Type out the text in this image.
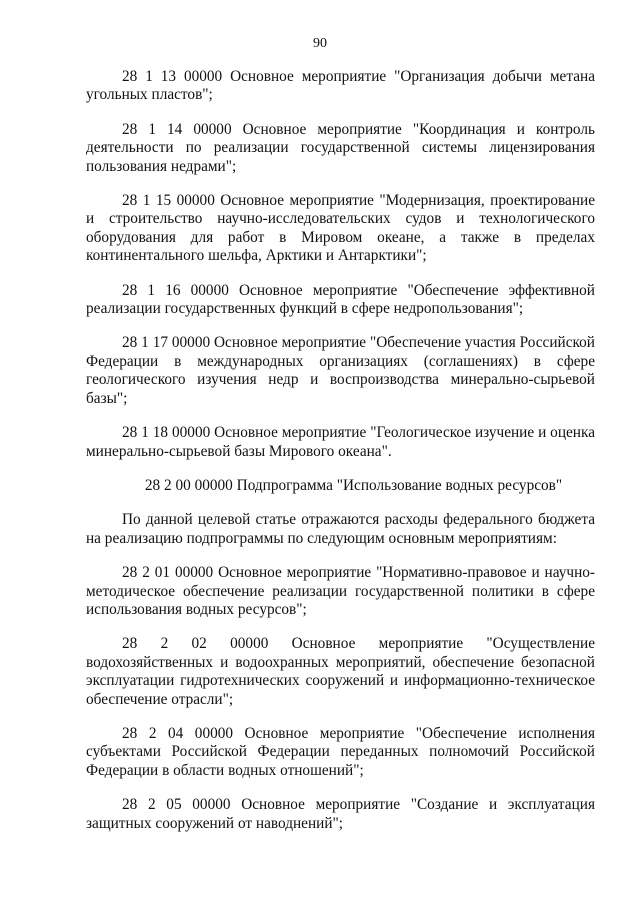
90

28 1 13 00000 Основное мероприятие "Организация добычи метана угольных пластов";

28 1 14 00000 Основное мероприятие "Координация и контроль деятельности по реализации государственной системы лицензирования пользования недрами";

28 1 15 00000 Основное мероприятие "Модернизация, проектирование и строительство научно-исследовательских судов и технологического оборудования для работ в Мировом океане, а также в пределах континентального шельфа, Арктики и Антарктики";

28 1 16 00000 Основное мероприятие "Обеспечение эффективной реализации государственных функций в сфере недропользования";

28 1 17 00000 Основное мероприятие "Обеспечение участия Российской Федерации в международных организациях (соглашениях) в сфере геологического изучения недр и воспроизводства минерально-сырьевой базы";

28 1 18 00000 Основное мероприятие "Геологическое изучение и оценка минерально-сырьевой базы Мирового океана".

28 2 00 00000 Подпрограмма "Использование водных ресурсов"

По данной целевой статье отражаются расходы федерального бюджета на реализацию подпрограммы по следующим основным мероприятиям:

28 2 01 00000 Основное мероприятие "Нормативно-правовое и научно-методическое обеспечение реализации государственной политики в сфере использования водных ресурсов";

28 2 02 00000 Основное мероприятие "Осуществление водохозяйственных и водоохранных мероприятий, обеспечение безопасной эксплуатации гидротехнических сооружений и информационно-техническое обеспечение отрасли";

28 2 04 00000 Основное мероприятие "Обеспечение исполнения субъектами Российской Федерации переданных полномочий Российской Федерации в области водных отношений";

28 2 05 00000 Основное мероприятие "Создание и эксплуатация защитных сооружений от наводнений";
